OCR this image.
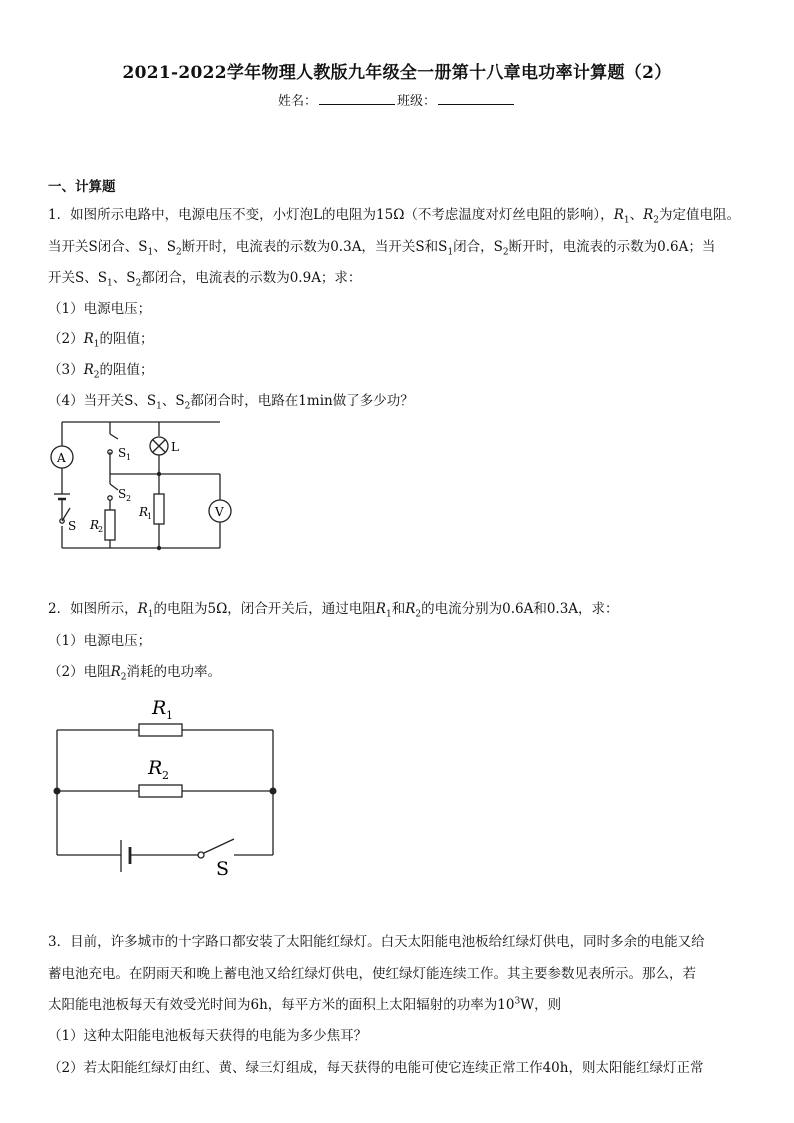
2021-2022学年物理人教版九年级全一册第十八章电功率计算题（2）
姓名：	班级：
一、计算题
1．如图所示电路中，电源电压不变，小灯泡L的电阻为15Ω（不考虑温度对灯丝电阻的影响），$R_1$、$R_2$为定值电阻。
当开关S闭合、$S_1$、$S_2$断开时，电流表的示数为0.3A，当开关S和$S_1$闭合，$S_2$断开时，电流表的示数为0.6A；当
开关S、$S_1$、$S_2$都闭合，电流表的示数为0.9A；求：
（1）电源电压；
$(2)R_1$的阻值；
$(3)R_2$的阻值；
（4）当开关S、$S_1$、$S_2$都闭合时，电路在1min做了多少功？
A
V
L
S 1
S 2
S R
2
R
1
2．如图所示，$R_1$的电阻为5Ω，闭合开关后，通过电阻$R_1$和$R_2$的电流分别为0.6A和0.3A，求：
（1）电源电压；
（2）电阻$R_2$消耗的电功率。
R 1
R 2
S
3．目前，许多城市的十字路口都安装了太阳能红绿灯。白天太阳能电池板给红绿灯供电，同时多余的电能又给
蓄电池充电。在阴雨天和晚上蓄电池又给红绿灯供电，使红绿灯能连续工作。其主要参数见表所示。那么，若
太阳能电池板每天有效受光时间为6h，每平方米的面积上太阳辐射的功率为$10^3W$，则
（1）这种太阳能电池板每天获得的电能为多少焦耳？
（2）若太阳能红绿灯由红、黄、绿三灯组成，每天获得的电能可使它连续正常工作40h，则太阳能红绿灯正常
